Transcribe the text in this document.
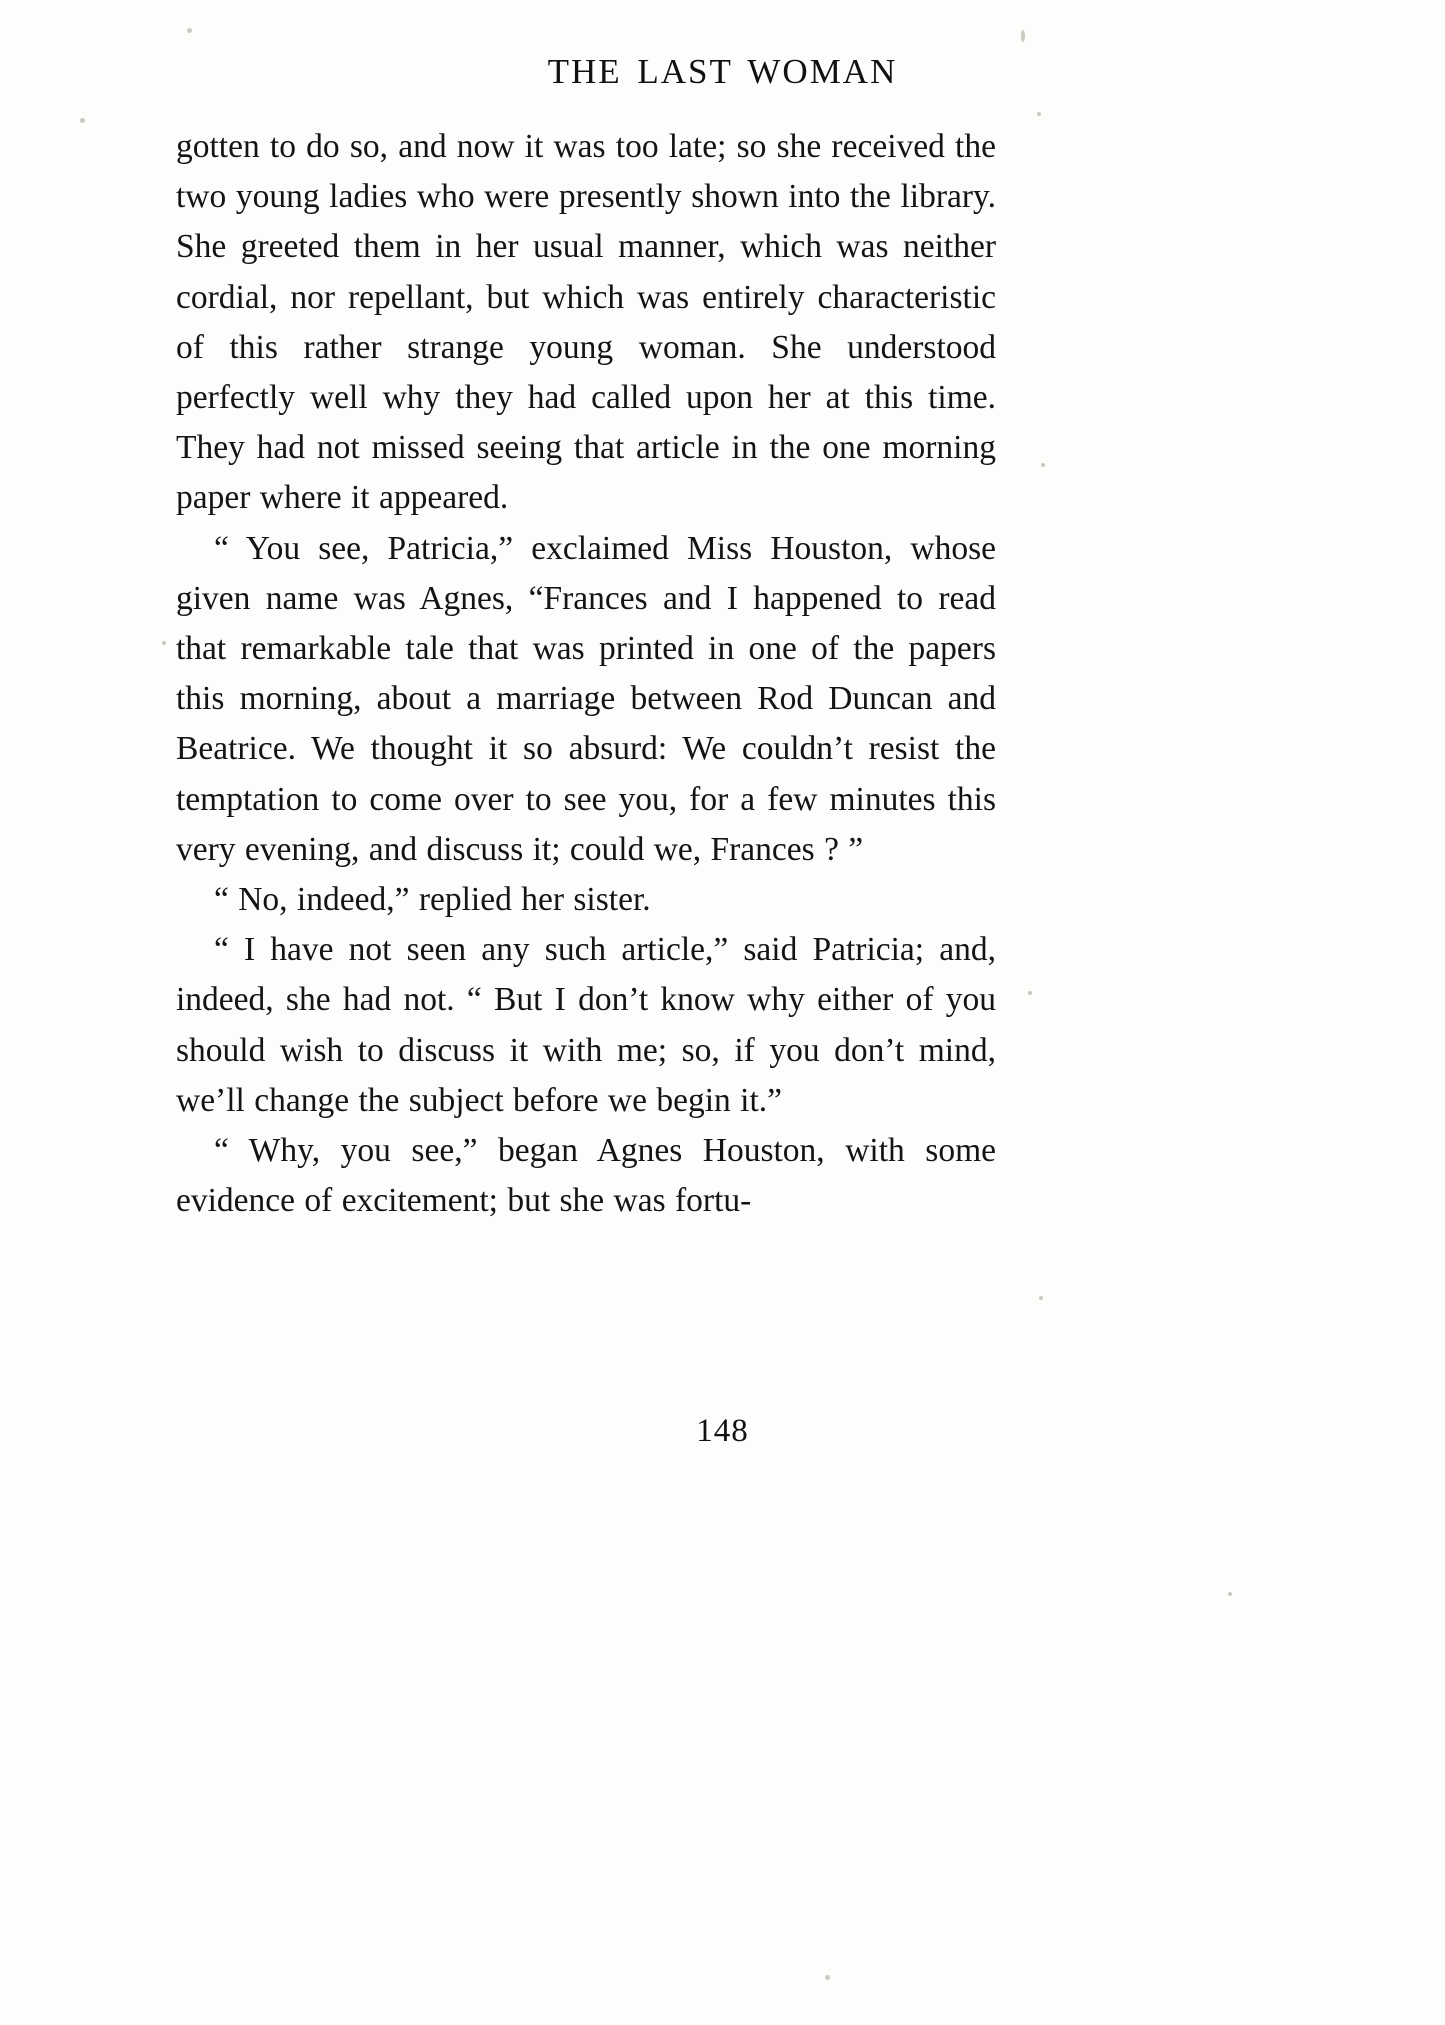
THE LAST WOMAN

gotten to do so, and now it was too late; so she received the two young ladies who were presently shown into the library. She greeted them in her usual manner, which was neither cordial, nor repellant, but which was entirely characteristic of this rather strange young woman. She understood perfectly well why they had called upon her at this time. They had not missed seeing that article in the one morning paper where it appeared.

“ You see, Patricia,” exclaimed Miss Houston, whose given name was Agnes, “Frances and I happened to read that remarkable tale that was printed in one of the papers this morning, about a marriage between Rod Duncan and Beatrice. We thought it so absurd: We couldn’t resist the temptation to come over to see you, for a few minutes this very evening, and discuss it; could we, Frances ? ”

“ No, indeed,” replied her sister.

“ I have not seen any such article,” said Patricia; and, indeed, she had not. “ But I don’t know why either of you should wish to discuss it with me; so, if you don’t mind, we’ll change the subject before we begin it.”

“ Why, you see,” began Agnes Houston, with some evidence of excitement; but she was fortu-

148
